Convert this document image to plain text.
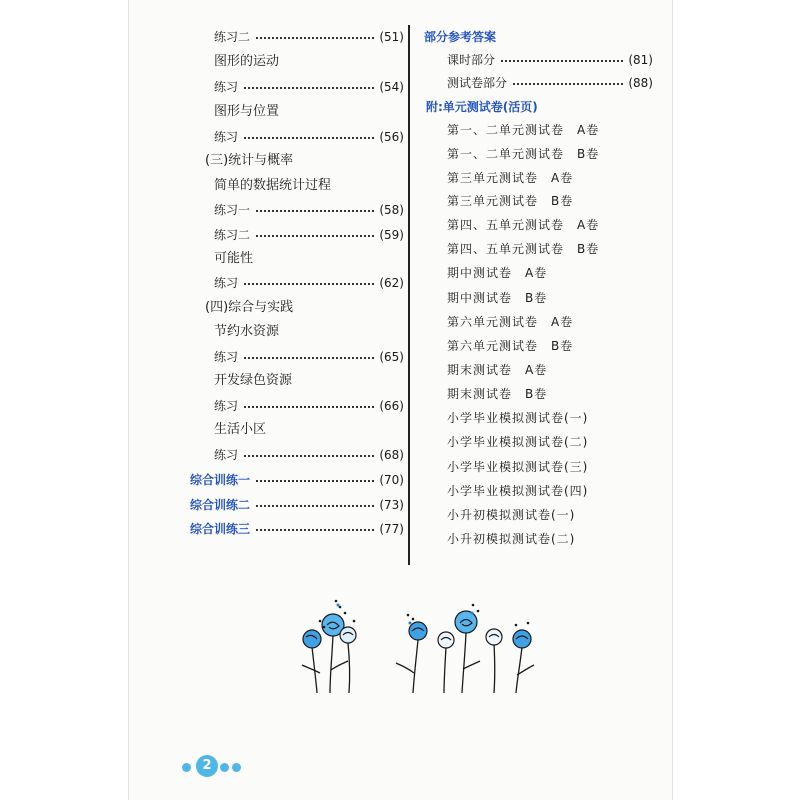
练习二	(51)
图形的运动
练习	(54)
图形与位置
练习	(56)
(三)统计与概率
简单的数据统计过程
练习一	(58)
练习二	(59)
可能性
练习	(62)
(四)综合与实践
节约水资源
练习	(65)
开发绿色资源
练习	(66)
生活小区
练习	(68)
综合训练一	(70)
综合训练二	(73)
综合训练三	(77)
部分参考答案
课时部分	(81)
测试卷部分	(88)
附:单元测试卷(活页)
第一、二单元测试卷　A卷
第一、二单元测试卷　B卷
第三单元测试卷　A卷
第三单元测试卷　B卷
第四、五单元测试卷　A卷
第四、五单元测试卷　B卷
期中测试卷　A卷
期中测试卷　B卷
第六单元测试卷　A卷
第六单元测试卷　B卷
期末测试卷　A卷
期末测试卷　B卷
小学毕业模拟测试卷(一)
小学毕业模拟测试卷(二)
小学毕业模拟测试卷(三)
小学毕业模拟测试卷(四)
小升初模拟测试卷(一)
小升初模拟测试卷(二)
2
